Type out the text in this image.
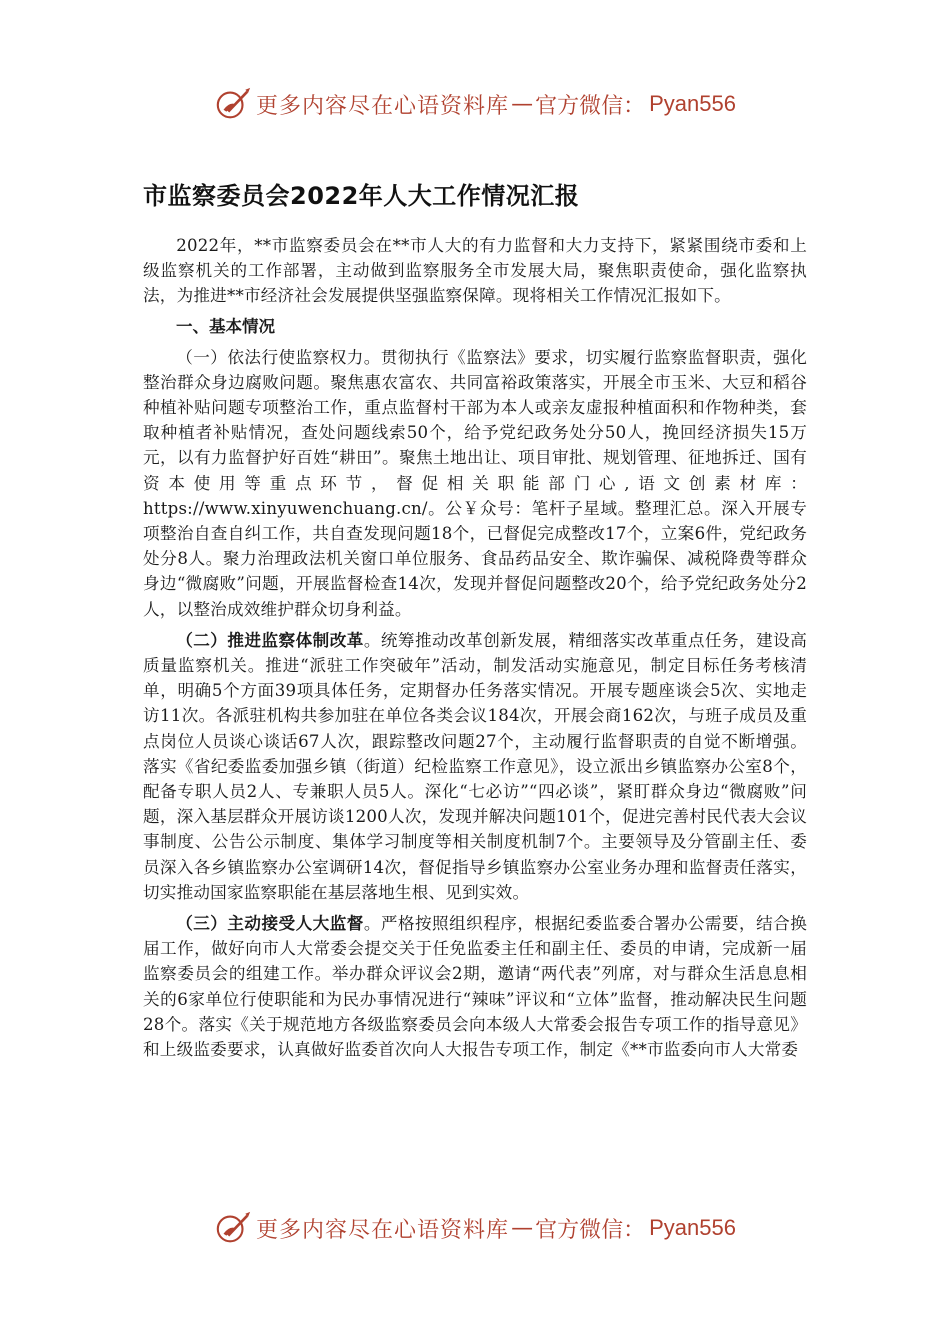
更多内容尽在心语资料库 — 官方微信： Pyan556
市监察委员会2022年人大工作情况汇报

2022年，**市监察委员会在**市人大的有力监督和大力支持下，紧紧围绕市委和上级监察机关的工作部署，主动做到监察服务全市发展大局，聚焦职责使命，强化监察执法，为推进**市经济社会发展提供坚强监察保障。现将相关工作情况汇报如下。

一、基本情况

（一）依法行使监察权力。贯彻执行《监察法》要求，切实履行监察监督职责，强化整治群众身边腐败问题。聚焦惠农富农、共同富裕政策落实，开展全市玉米、大豆和稻谷种植补贴问题专项整治工作，重点监督村干部为本人或亲友虚报种植面积和作物种类，套取种植者补贴情况，查处问题线索50个，给予党纪政务处分50人，挽回经济损失15万元，以有力监督护好百姓“耕田”。聚焦土地出让、项目审批、规划管理、征地拆迁、国有资本使用等重点环节，督促相关职能部门心,语文创素材库：https://www.xinyuwenchuang.cn/。公￥众号：笔杆子星域。整理汇总。深入开展专项整治自查自纠工作，共自查发现问题18个，已督促完成整改17个，立案6件，党纪政务处分8人。聚力治理政法机关窗口单位服务、食品药品安全、欺诈骗保、减税降费等群众身边“微腐败”问题，开展监督检查14次，发现并督促问题整改20个，给予党纪政务处分2人，以整治成效维护群众切身利益。

（二）推进监察体制改革。统筹推动改革创新发展，精细落实改革重点任务，建设高质量监察机关。推进“派驻工作突破年”活动，制发活动实施意见，制定目标任务考核清单，明确5个方面39项具体任务，定期督办任务落实情况。开展专题座谈会5次、实地走访11次。各派驻机构共参加驻在单位各类会议184次，开展会商162次，与班子成员及重点岗位人员谈心谈话67人次，跟踪整改问题27个，主动履行监督职责的自觉不断增强。落实《省纪委监委加强乡镇（街道）纪检监察工作意见》，设立派出乡镇监察办公室8个，配备专职人员2人、专兼职人员5人。深化“七必访”“四必谈”，紧盯群众身边“微腐败”问题，深入基层群众开展访谈1200人次，发现并解决问题101个，促进完善村民代表大会议事制度、公告公示制度、集体学习制度等相关制度机制7个。主要领导及分管副主任、委员深入各乡镇监察办公室调研14次，督促指导乡镇监察办公室业务办理和监督责任落实，切实推动国家监察职能在基层落地生根、见到实效。

（三）主动接受人大监督。严格按照组织程序，根据纪委监委合署办公需要，结合换届工作，做好向市人大常委会提交关于任免监委主任和副主任、委员的申请，完成新一届监察委员会的组建工作。举办群众评议会2期，邀请“两代表”列席，对与群众生活息息相关的6家单位行使职能和为民办事情况进行“辣味”评议和“立体”监督，推动解决民生问题28个。落实《关于规范地方各级监察委员会向本级人大常委会报告专项工作的指导意见》和上级监委要求，认真做好监委首次向人大报告专项工作，制定《**市监委向市人大常委

更多内容尽在心语资料库 — 官方微信： Pyan556
